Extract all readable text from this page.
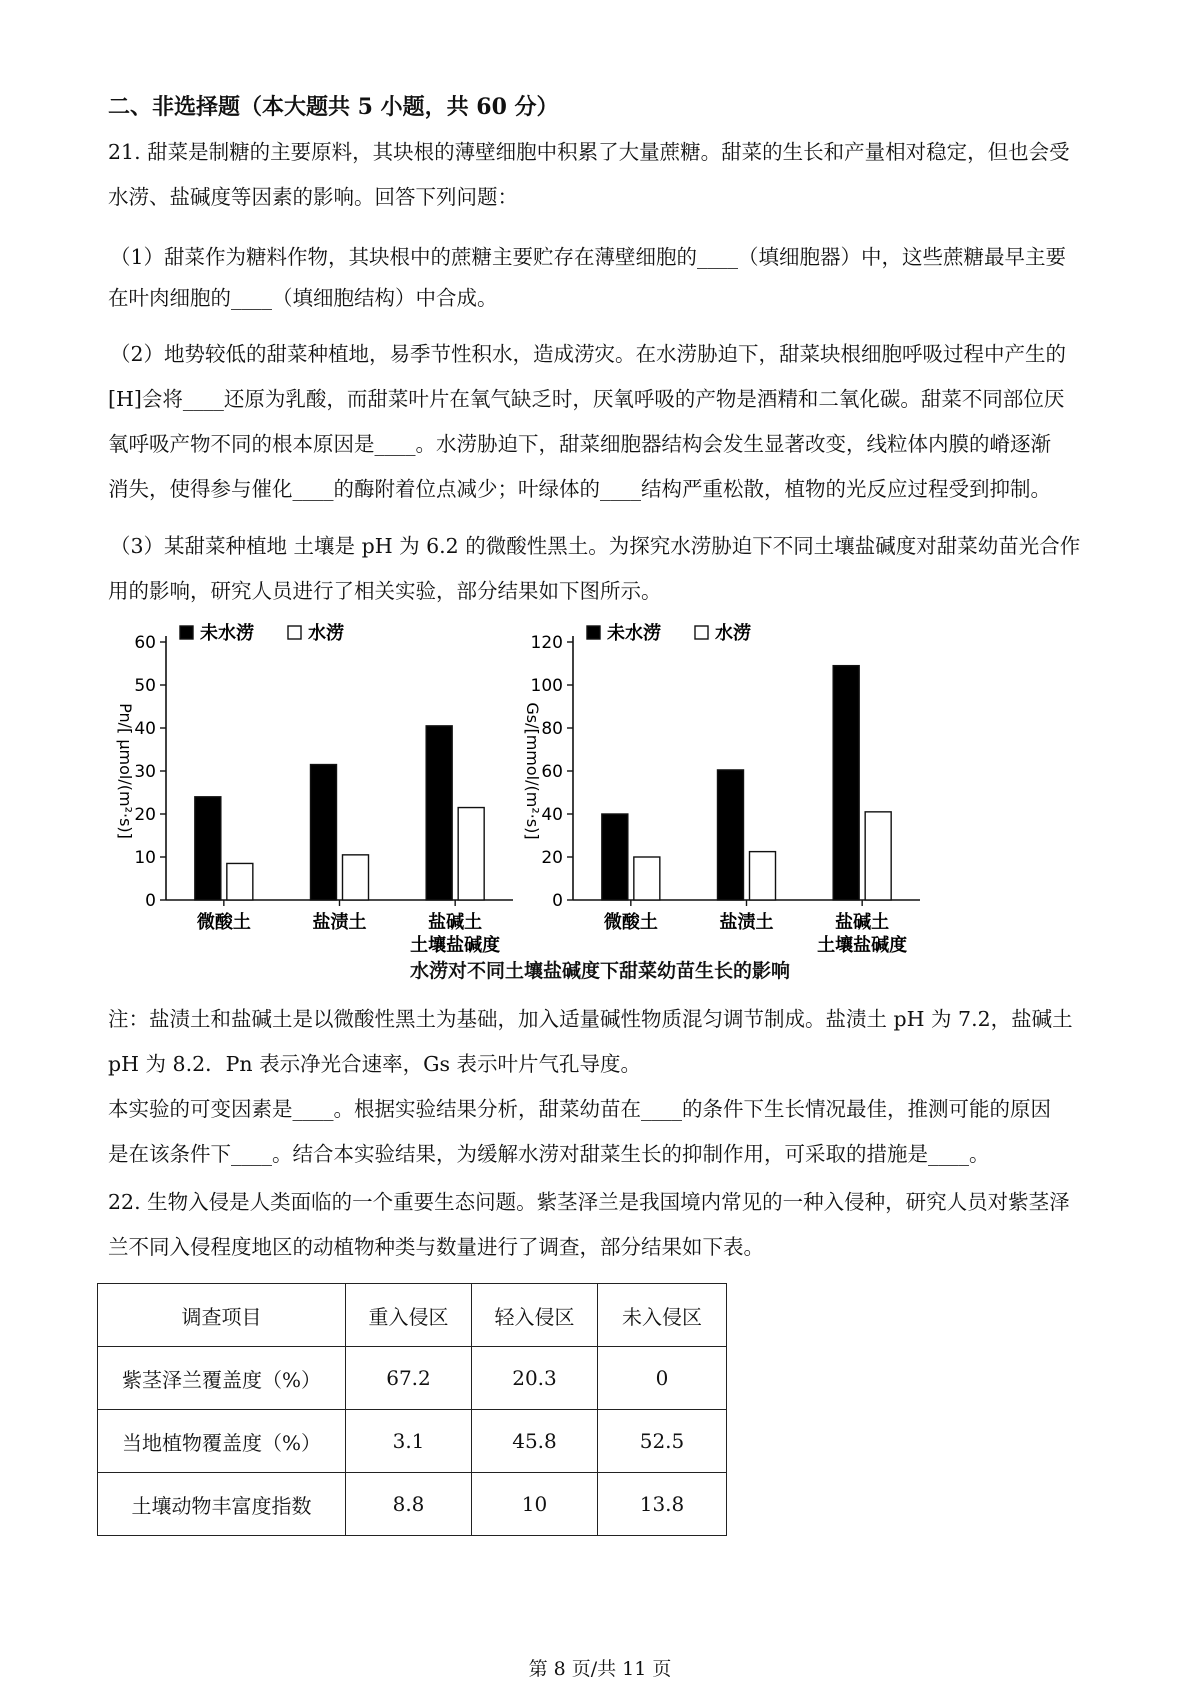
二、非选择题（本大题共 5 小题，共 60 分）
21. 甜菜是制糖的主要原料，其块根的薄壁细胞中积累了大量蔗糖。甜菜的生长和产量相对稳定，但也会受
水涝、盐碱度等因素的影响。回答下列问题：
（1）甜菜作为糖料作物，其块根中的蔗糖主要贮存在薄壁细胞的____（填细胞器）中，这些蔗糖最早主要
在叶肉细胞的____（填细胞结构）中合成。
（2）地势较低的甜菜种植地，易季节性积水，造成涝灾。在水涝胁迫下，甜菜块根细胞呼吸过程中产生的
[H]会将____还原为乳酸，而甜菜叶片在氧气缺乏时，厌氧呼吸的产物是酒精和二氧化碳。甜菜不同部位厌
氧呼吸产物不同的根本原因是____。水涝胁迫下，甜菜细胞器结构会发生显著改变，线粒体内膜的嵴逐渐
消失，使得参与催化____的酶附着位点减少；叶绿体的____结构严重松散，植物的光反应过程受到抑制。
（3）某甜菜种植地 土壤是 pH 为 6.2 的微酸性黑土。为探究水涝胁迫下不同土壤盐碱度对甜菜幼苗光合作
用的影响，研究人员进行了相关实验，部分结果如下图所示。
0
10
20
30
40
50
60
Pn/[ μmol/(m²·s)]
微酸土	盐渍土	盐碱土
土壤盐碱度
未水涝	水涝
0
20
40
60
80
100
120
Gs/[mmol/(m²·s)]
微酸土	盐渍土	盐碱土
土壤盐碱度
未水涝	水涝
水涝对不同土壤盐碱度下甜菜幼苗生长的影响
注：盐渍土和盐碱土是以微酸性黑土为基础，加入适量碱性物质混匀调节制成。盐渍土 pH 为 7.2，盐碱土
pH 为 8.2．Pn 表示净光合速率，Gs 表示叶片气孔导度。
本实验的可变因素是____。根据实验结果分析，甜菜幼苗在____的条件下生长情况最佳，推测可能的原因
是在该条件下____。结合本实验结果，为缓解水涝对甜菜生长的抑制作用，可采取的措施是____。
22. 生物入侵是人类面临的一个重要生态问题。紫茎泽兰是我国境内常见的一种入侵种，研究人员对紫茎泽
兰不同入侵程度地区的动植物种类与数量进行了调查，部分结果如下表。
调查项目	重入侵区	轻入侵区	未入侵区
紫茎泽兰覆盖度（%）	67.2	20.3	0
当地植物覆盖度（%）	3.1	45.8	52.5
土壤动物丰富度指数	8.8	10	13.8
第 8 页/共 11 页
